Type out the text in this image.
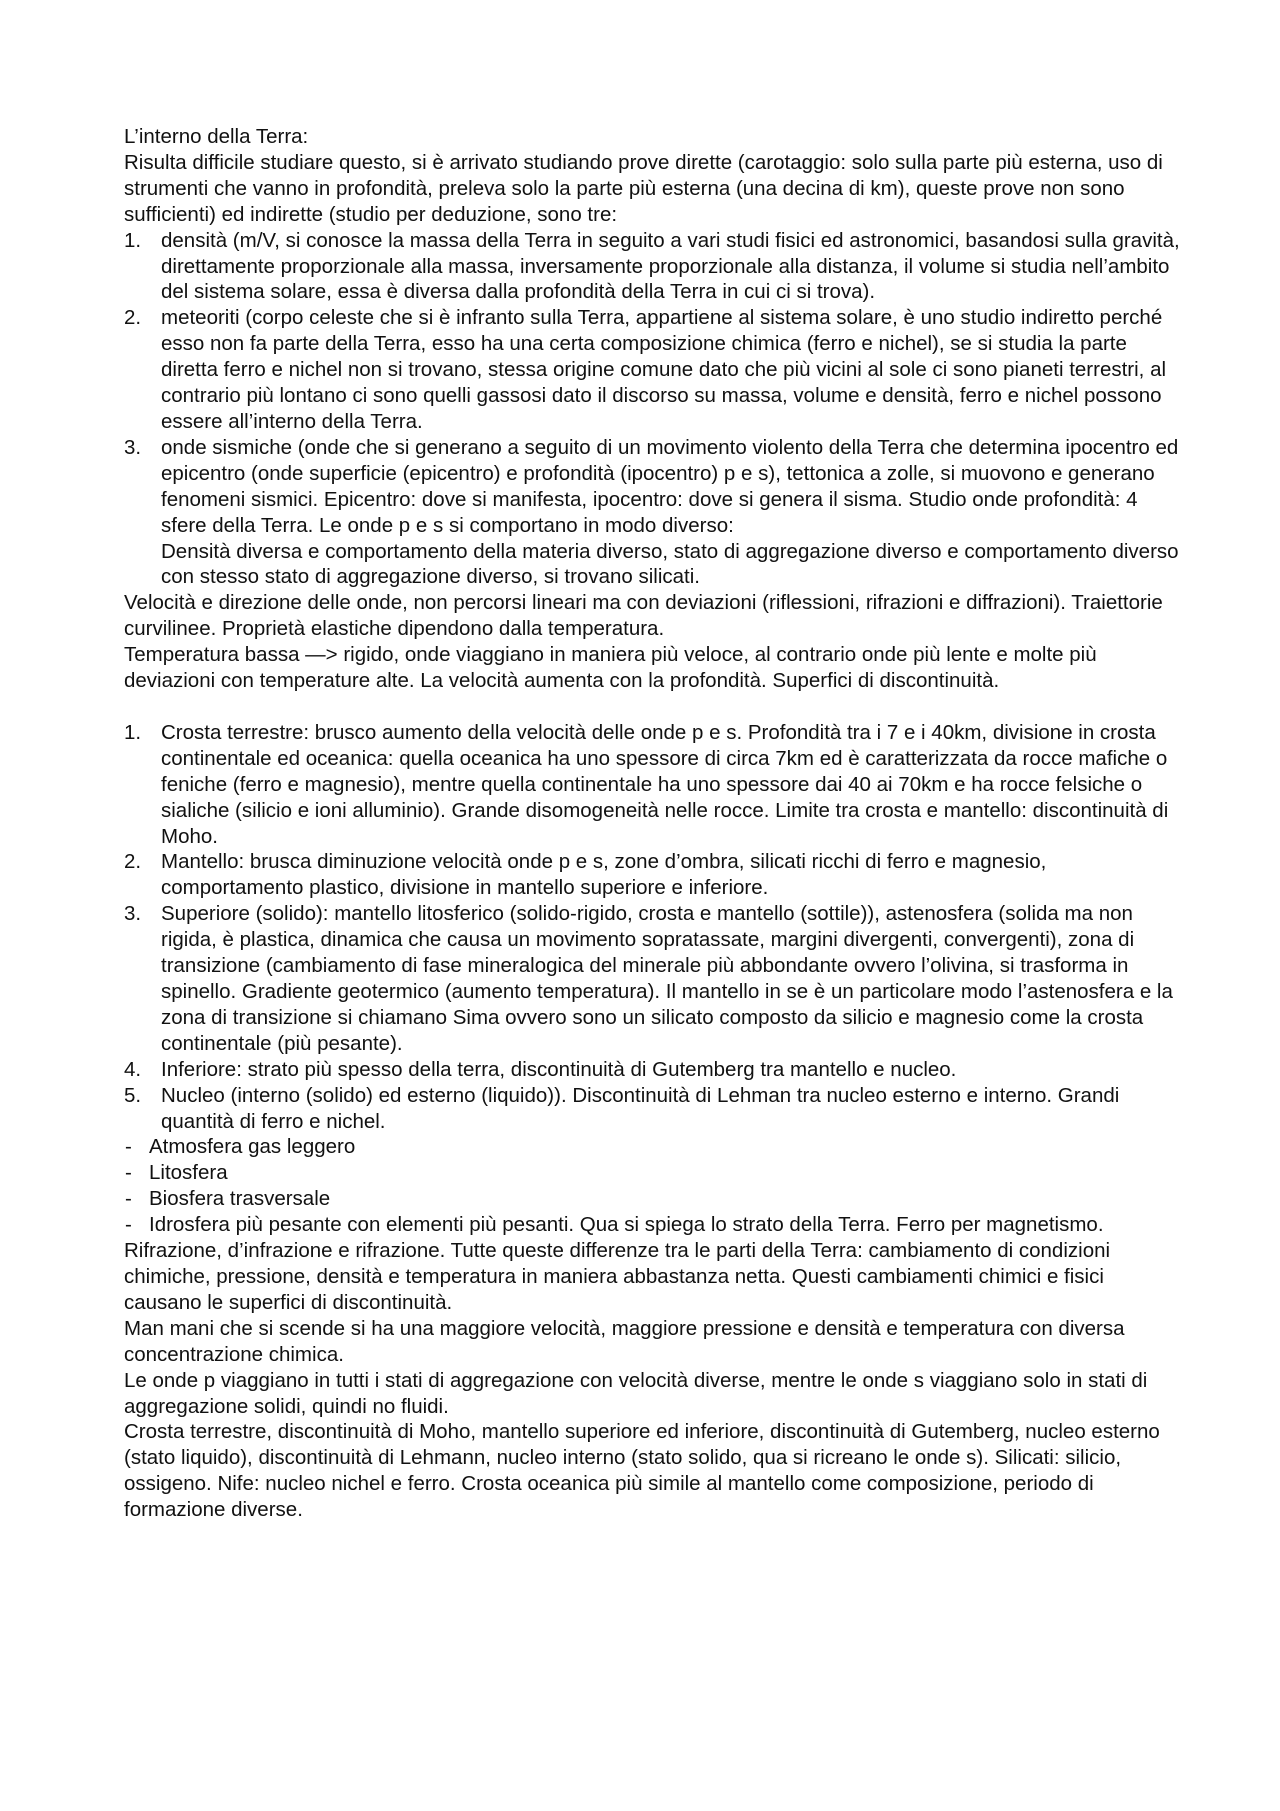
L’interno della Terra:

Risulta difficile studiare questo, si è arrivato studiando prove dirette (carotaggio: solo sulla parte più esterna, uso di strumenti che vanno in profondità, preleva solo la parte più esterna (una decina di km), queste prove non sono sufficienti) ed indirette (studio per deduzione, sono tre:

1. densità (m/V, si conosce la massa della Terra in seguito a vari studi fisici ed astronomici, basandosi sulla gravità, direttamente proporzionale alla massa, inversamente proporzionale alla distanza, il volume si studia nell’ambito del sistema solare, essa è diversa dalla profondità della Terra in cui ci si trova).
2. meteoriti (corpo celeste che si è infranto sulla Terra, appartiene al sistema solare, è uno studio indiretto perché esso non fa parte della Terra, esso ha una certa composizione chimica (ferro e nichel), se si studia la parte diretta ferro e nichel non si trovano, stessa origine comune dato che più vicini al sole ci sono pianeti terrestri, al contrario più lontano ci sono quelli gassosi dato il discorso su massa, volume e densità, ferro e nichel possono essere all’interno della Terra.
3. onde sismiche (onde che si generano a seguito di un movimento violento della Terra che determina ipocentro ed epicentro (onde superficie (epicentro) e profondità (ipocentro) p e s), tettonica a zolle, si muovono e generano fenomeni sismici. Epicentro: dove si manifesta, ipocentro: dove si genera il sisma. Studio onde profondità: 4 sfere della Terra. Le onde p e s si comportano in modo diverso:
Densità diversa e comportamento della materia diverso, stato di aggregazione diverso e comportamento diverso con stesso stato di aggregazione diverso, si trovano silicati.

Velocità e direzione delle onde, non percorsi lineari ma con deviazioni (riflessioni, rifrazioni e diffrazioni). Traiettorie curvilinee. Proprietà elastiche dipendono dalla temperatura.

Temperatura bassa —> rigido, onde viaggiano in maniera più veloce, al contrario onde più lente e molte più deviazioni con temperature alte. La velocità aumenta con la profondità. Superfici di discontinuità.

1. Crosta terrestre: brusco aumento della velocità delle onde p e s. Profondità tra i 7 e i 40km, divisione in crosta continentale ed oceanica: quella oceanica ha uno spessore di circa 7km ed è caratterizzata da rocce mafiche o feniche (ferro e magnesio), mentre quella continentale ha uno spessore dai 40 ai 70km e ha rocce felsiche o sialiche (silicio e ioni alluminio). Grande disomogeneità nelle rocce. Limite tra crosta e mantello: discontinuità di Moho.
2. Mantello: brusca diminuzione velocità onde p e s, zone d’ombra, silicati ricchi di ferro e magnesio, comportamento plastico, divisione in mantello superiore e inferiore.
3. Superiore (solido): mantello litosferico (solido-rigido, crosta e mantello (sottile)), astenosfera (solida ma non rigida, è plastica, dinamica che causa un movimento sopratassate, margini divergenti, convergenti), zona di transizione (cambiamento di fase mineralogica del minerale più abbondante ovvero l’olivina, si trasforma in spinello. Gradiente geotermico (aumento temperatura). Il mantello in se è un particolare modo l’astenosfera e la zona di transizione si chiamano Sima ovvero sono un silicato composto da silicio e magnesio come la crosta continentale (più pesante).
4. Inferiore: strato più spesso della terra, discontinuità di Gutemberg tra mantello e nucleo.
5. Nucleo (interno (solido) ed esterno (liquido)). Discontinuità di Lehman tra nucleo esterno e interno. Grandi quantità di ferro e nichel.
- Atmosfera gas leggero
- Litosfera
- Biosfera trasversale
- Idrosfera più pesante con elementi più pesanti. Qua si spiega lo strato della Terra. Ferro per magnetismo.

Rifrazione, d’infrazione e rifrazione. Tutte queste differenze tra le parti della Terra: cambiamento di condizioni chimiche, pressione, densità e temperatura in maniera abbastanza netta. Questi cambiamenti chimici e fisici causano le superfici di discontinuità.

Man mani che si scende si ha una maggiore velocità, maggiore pressione e densità e temperatura con diversa concentrazione chimica.

Le onde p viaggiano in tutti i stati di aggregazione con velocità diverse, mentre le onde s viaggiano solo in stati di aggregazione solidi, quindi no fluidi.

Crosta terrestre, discontinuità di Moho, mantello superiore ed inferiore, discontinuità di Gutemberg, nucleo esterno (stato liquido), discontinuità di Lehmann, nucleo interno (stato solido, qua si ricreano le onde s). Silicati: silicio, ossigeno. Nife: nucleo nichel e ferro. Crosta oceanica più simile al mantello come composizione, periodo di formazione diverse.
